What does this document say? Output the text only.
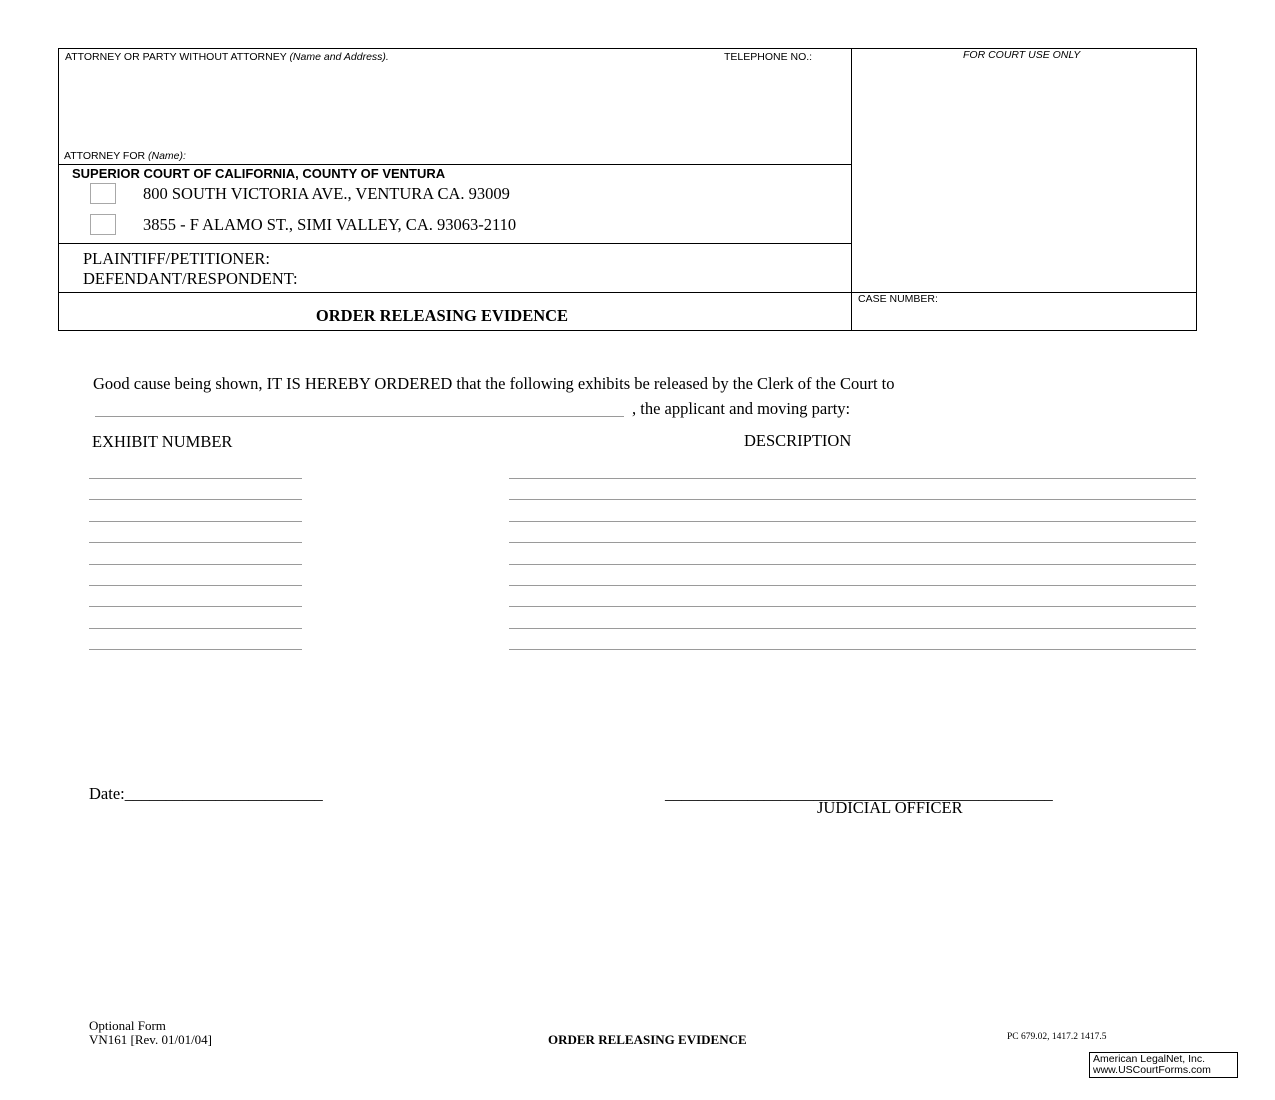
ATTORNEY OR PARTY WITHOUT ATTORNEY (Name and Address).	TELEPHONE NO.:
ATTORNEY FOR (Name):
FOR COURT USE ONLY
SUPERIOR COURT OF CALIFORNIA, COUNTY OF VENTURA
800 SOUTH VICTORIA AVE., VENTURA CA. 93009
3855 - F ALAMO ST., SIMI VALLEY, CA. 93063-2110
PLAINTIFF/PETITIONER:
DEFENDANT/RESPONDENT:
CASE NUMBER:
ORDER RELEASING EVIDENCE
Good cause being shown, IT IS HEREBY ORDERED that the following exhibits be released by the Clerk of the Court to
, the applicant and moving party:
EXHIBIT NUMBER	DESCRIPTION
Date:________________________	_______________________________________________
JUDICIAL OFFICER
Optional Form
VN161 [Rev. 01/01/04]	ORDER RELEASING EVIDENCE	PC 679.02, 1417.2 1417.5
American LegalNet, Inc.
www.USCourtForms.com
